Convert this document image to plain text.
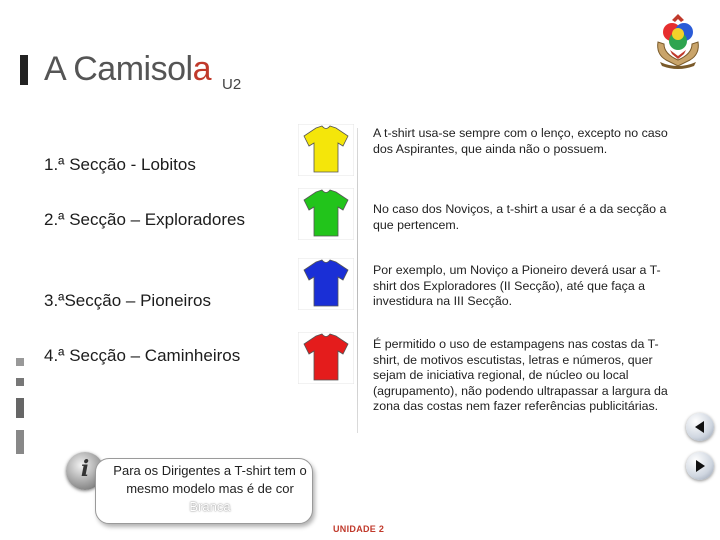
A Camisola U2
1.ª Secção - Lobitos
2.ª Secção – Exploradores
3.ªSecção – Pioneiros
4.ª Secção – Caminheiros
A t-shirt usa-se sempre com o lenço, excepto no caso dos Aspirantes, que ainda não o possuem.
No caso dos Noviços, a t-shirt a usar é a da secção a que pertencem.
Por exemplo, um Noviço a Pioneiro deverá usar a T-shirt dos Exploradores (II Secção), até que faça a investidura na III Secção.
É permitido o uso de estampagens nas costas da T-shirt, de motivos escutistas, letras e números, quer sejam de iniciativa regional, de núcleo ou local (agrupamento), não podendo ultrapassar a largura da zona das costas nem fazer referências publicitárias.
i	Para os Dirigentes a T-shirt tem o mesmo modelo mas é de cor Branca
UNIDADE 2
